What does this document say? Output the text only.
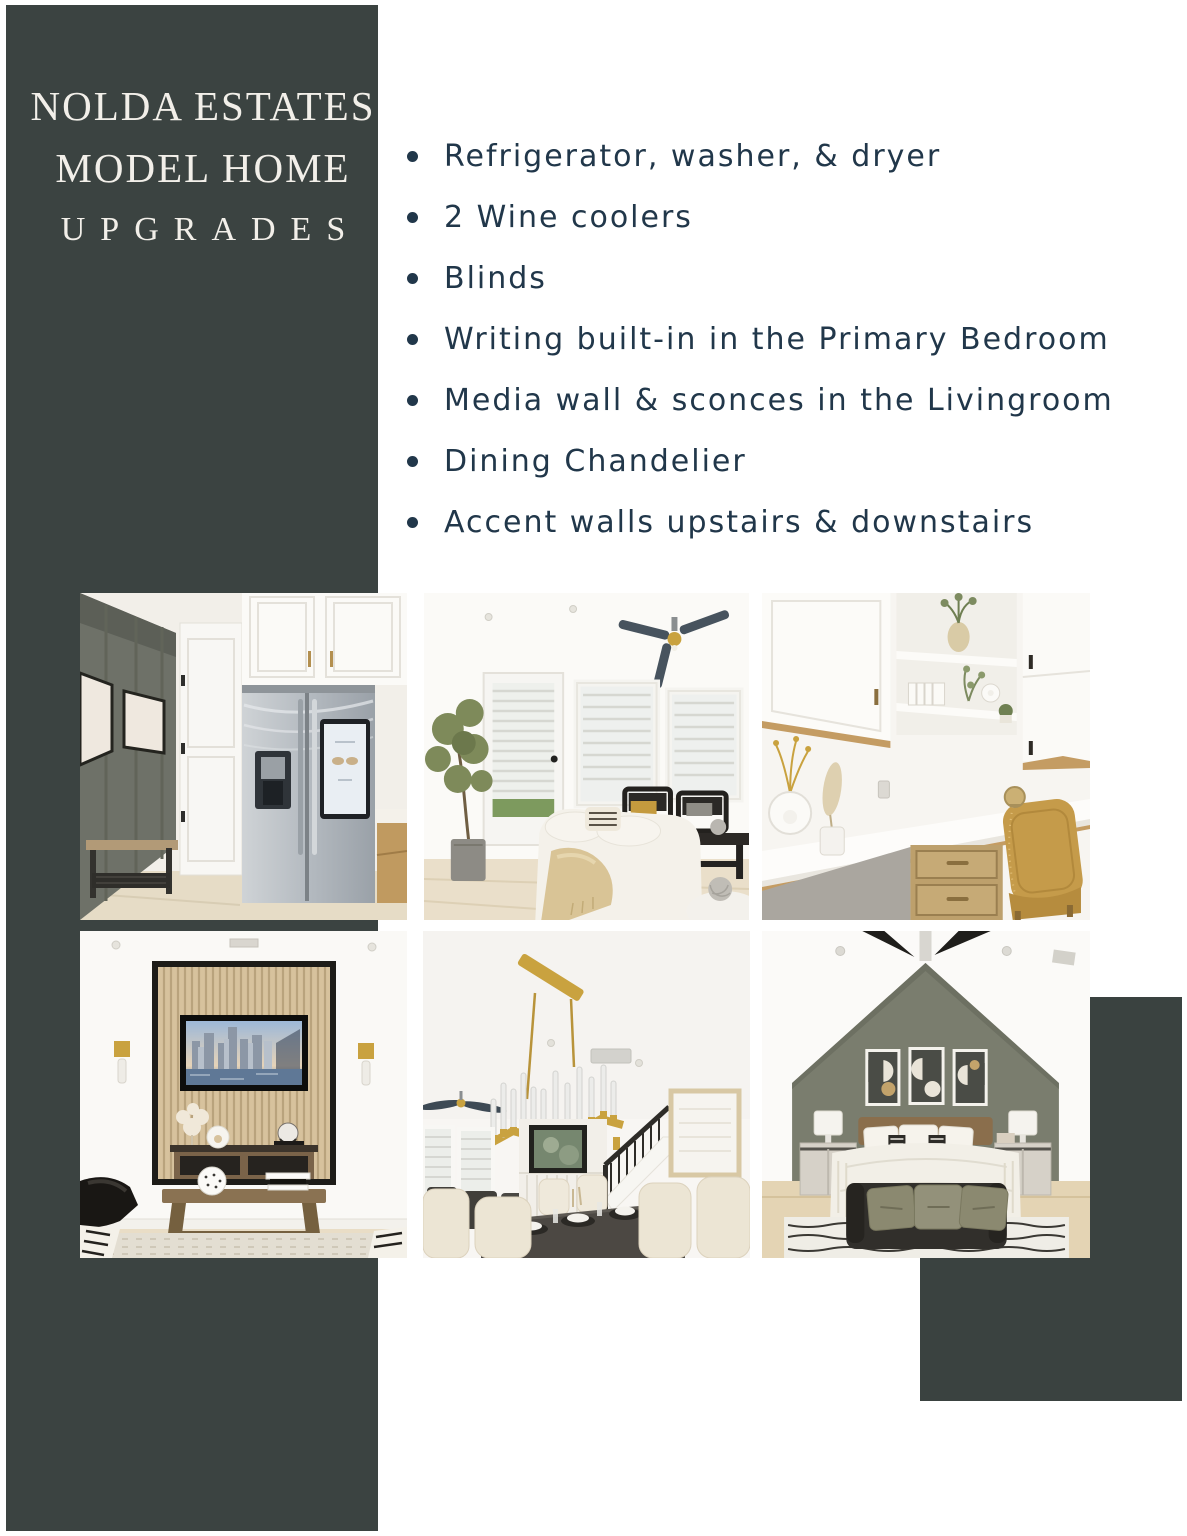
NOLDA ESTATES
MODEL HOME
UPGRADES
Refrigerator, washer, & dryer
2 Wine coolers
Blinds
Writing built-in in the Primary Bedroom
Media wall & sconces in the Livingroom
Dining Chandelier
Accent walls upstairs & downstairs
